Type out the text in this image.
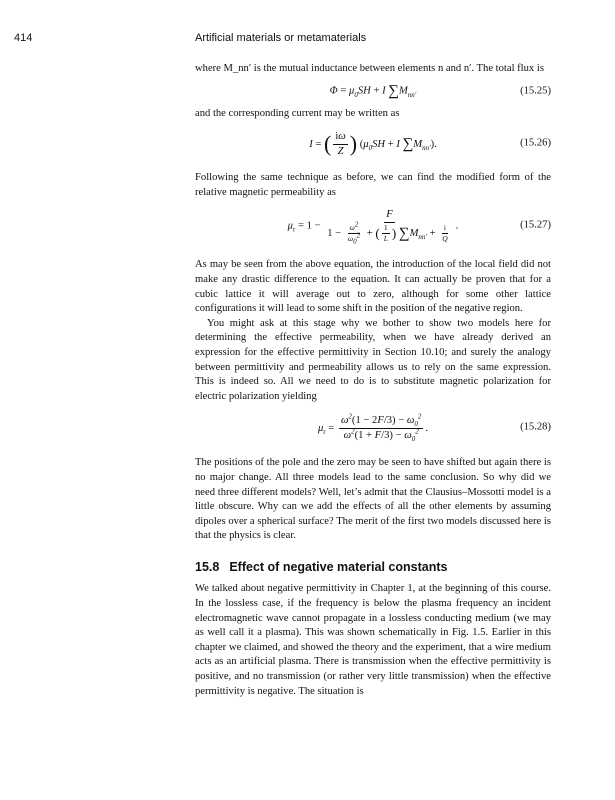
414	Artificial materials or metamaterials

where M_nn′ is the mutual inductance between elements n and n′. The total flux is

$\Phi = \mu_0SH + I$ $\sum M_{nn'}$	(15.25)

and the corresponding current may be written as

I = ( $\frac{i\omega}{Z}$ ) ($\mu_0SH + I$ $\sum M_{nn'}$).	(15.26)

Following the same technique as before, we can find the modified form of the relative magnetic permeability as

$\mu_r = 1$ −
F
$1 - \frac{\omega^2}{\omega_0^2}$ + ( $\frac{1}{L}$ ) $\sum M_{nn'} + \frac{i}{Q}$ .	(15.27)

As may be seen from the above equation, the introduction of the local field did not make any drastic difference to the equation. It can actually be proven that for a cubic lattice it will average out to zero, although for some other lattice configurations it will lead to some shift in the position of the negative region.

You might ask at this stage why we bother to show two models here for determining the effective permeability, when we have already derived an expression for the effective permittivity in Section 10.10; and surely the analogy between permittivity and permeability allows us to rely on the same expression. This is indeed so. All we need to do is to substitute magnetic polarization for electric polarization yielding

$\mu_r = \frac{\omega^2(1 - 2F/3) - \omega_0^2}{\omega^2(1 + F/3) - \omega_0^2}$ .	(15.28)

The positions of the pole and the zero may be seen to have shifted but again there is no major change. All three models lead to the same conclusion. So why did we need three different models? Well, let’s admit that the Clausius–Mossotti model is a little obscure. Why can we add the effects of all the other elements by assuming dipoles over a spherical surface? The merit of the first two models discussed here is that the physics is clear.

15.8 Effect of negative material constants

We talked about negative permittivity in Chapter 1, at the beginning of this course. In the lossless case, if the frequency is below the plasma frequency an incident electromagnetic wave cannot propagate in a lossless conducting medium (we may as well call it a plasma). This was shown schematically in Fig. 1.5. Earlier in this chapter we claimed, and showed the theory and the experiment, that a wire medium acts as an artificial plasma. There is transmission when the effective permittivity is positive, and no transmission (or rather very little transmission) when the effective permittivity is negative. The situation is
